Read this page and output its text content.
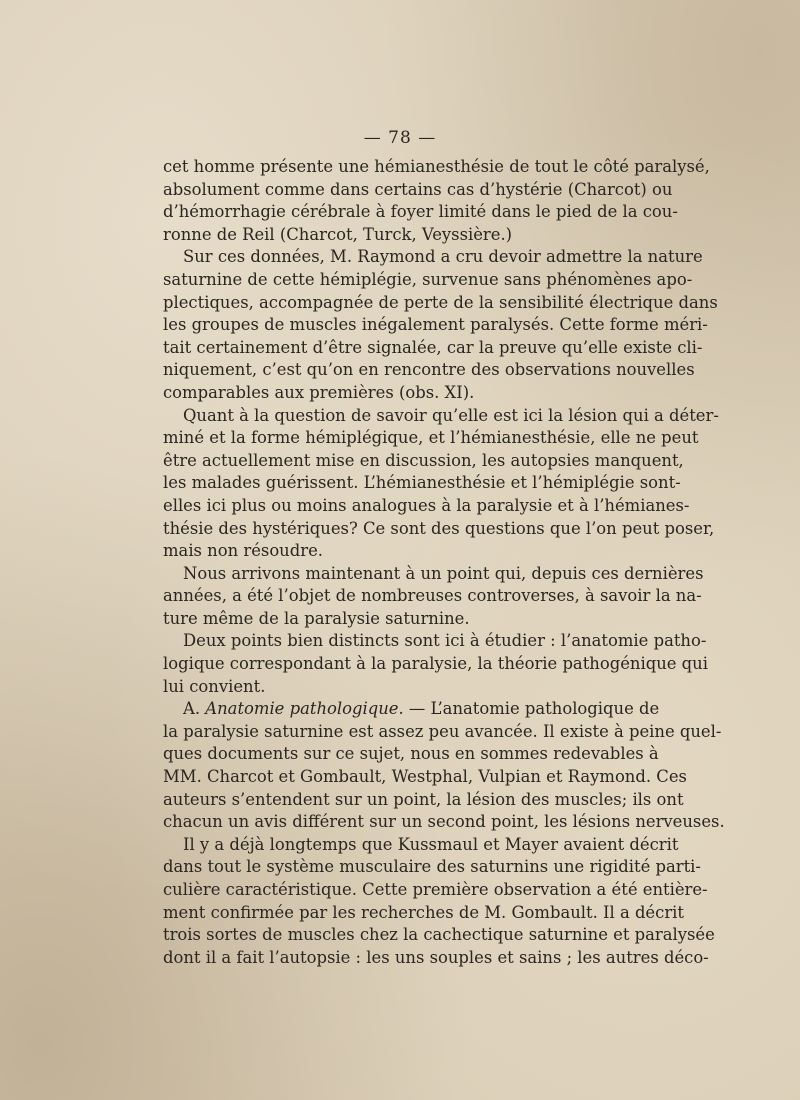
— 78 —
cet homme présente une hémianesthésie de tout le côté paralysé,
absolument comme dans certains cas d’hystérie (Charcot) ou
d’hémorrhagie cérébrale à foyer limité dans le pied de la cou-
ronne de Reil (Charcot, Turck, Veyssière.)
Sur ces données, M. Raymond a cru devoir admettre la nature
saturnine de cette hémiplégie, survenue sans phénomènes apo-
plectiques, accompagnée de perte de la sensibilité électrique dans
les groupes de muscles inégalement paralysés. Cette forme méri-
tait certainement d’être signalée, car la preuve qu’elle existe cli-
niquement, c’est qu’on en rencontre des observations nouvelles
comparables aux premières (obs. XI).
Quant à la question de savoir qu’elle est ici la lésion qui a déter-
miné et la forme hémiplégique, et l’hémianesthésie, elle ne peut
être actuellement mise en discussion, les autopsies manquent,
les malades guérissent. L’hémianesthésie et l’hémiplégie sont-
elles ici plus ou moins analogues à la paralysie et à l’hémianes-
thésie des hystériques? Ce sont des questions que l’on peut poser,
mais non résoudre.
Nous arrivons maintenant à un point qui, depuis ces dernières
années, a été l’objet de nombreuses controverses, à savoir la na-
ture même de la paralysie saturnine.
Deux points bien distincts sont ici à étudier : l’anatomie patho-
logique correspondant à la paralysie, la théorie pathogénique qui
lui convient.
A. Anatomie pathologique. — L’anatomie pathologique de
la paralysie saturnine est assez peu avancée. Il existe à peine quel-
ques documents sur ce sujet, nous en sommes redevables à
MM. Charcot et Gombault, Westphal, Vulpian et Raymond. Ces
auteurs s’entendent sur un point, la lésion des muscles; ils ont
chacun un avis différent sur un second point, les lésions nerveuses.
Il y a déjà longtemps que Kussmaul et Mayer avaient décrit
dans tout le système musculaire des saturnins une rigidité parti-
culière caractéristique. Cette première observation a été entière-
ment confirmée par les recherches de M. Gombault. Il a décrit
trois sortes de muscles chez la cachectique saturnine et paralysée
dont il a fait l’autopsie : les uns souples et sains ; les autres déco-
